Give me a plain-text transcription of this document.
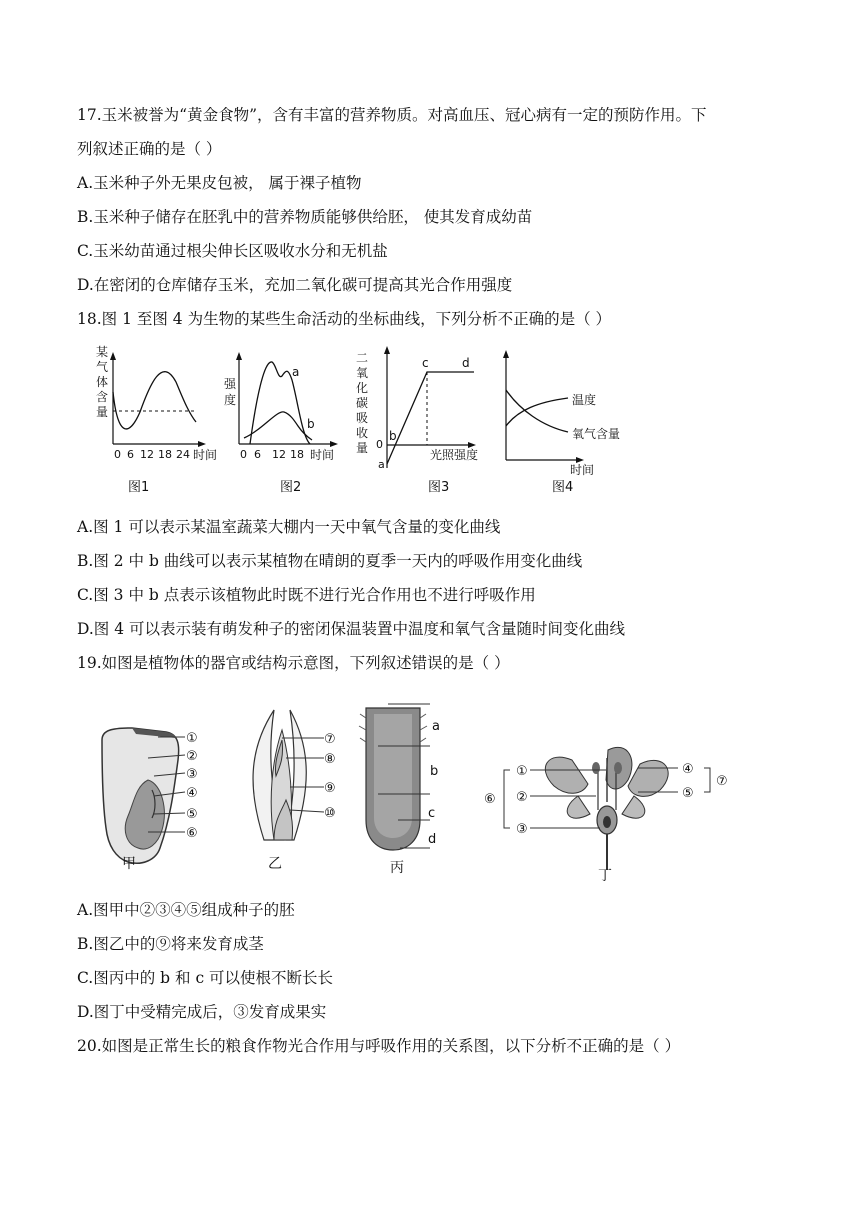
17.玉米被誉为“黄金食物”，含有丰富的营养物质。对高血压、冠心病有一定的预防作用。下
列叙述正确的是（ ）
A.玉米种子外无果皮包被， 属于裸子植物
B.玉米种子储存在胚乳中的营养物质能够供给胚， 使其发育成幼苗
C.玉米幼苗通过根尖伸长区吸收水分和无机盐
D.在密闭的仓库储存玉米，充加二氧化碳可提高其光合作用强度
18.图 1 至图 4 为生物的某些生命活动的坐标曲线，下列分析不正确的是（ ）
某
气
体
含
量
0 6 12 18 24 时间
图1
强
度
a
b
0 6 12 18 时间
图2
二
氧
化
碳
吸
收
量 0
a
b
c	d
光照强度
图3
温度
氧气含量
时间
图4
A.图 1 可以表示某温室蔬菜大棚内一天中氧气含量的变化曲线
B.图 2 中 b 曲线可以表示某植物在晴朗的夏季一天内的呼吸作用变化曲线
C.图 3 中 b 点表示该植物此时既不进行光合作用也不进行呼吸作用
D.图 4 可以表示装有萌发种子的密闭保温装置中温度和氧气含量随时间变化曲线
19.如图是植物体的器官或结构示意图，下列叙述错误的是（ ）
①
②
③
④
⑤
⑥
甲
⑦
⑧
⑨
⑩
乙
a
b
c
d
丙
①
②
③
④
⑤
⑥
⑦
丁
A.图甲中②③④⑤组成种子的胚
B.图乙中的⑨将来发育成茎
C.图丙中的 b 和 c 可以使根不断长长
D.图丁中受精完成后，③发育成果实
20.如图是正常生长的粮食作物光合作用与呼吸作用的关系图，以下分析不正确的是（ ）
